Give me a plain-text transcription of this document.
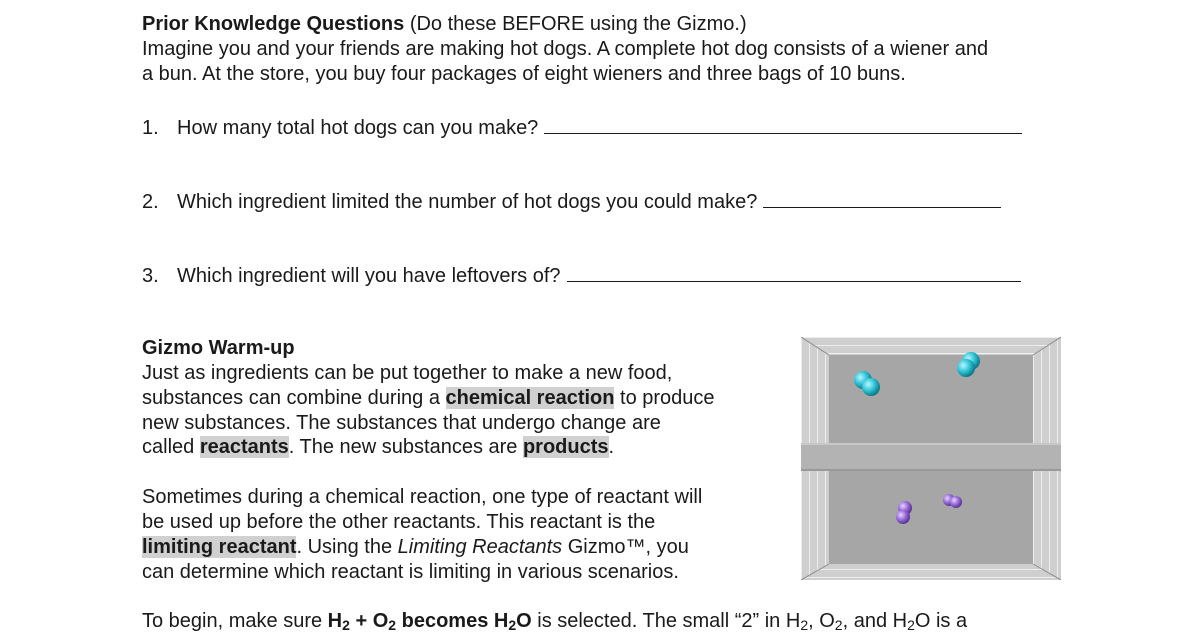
Prior Knowledge Questions (Do these BEFORE using the Gizmo.)
Imagine you and your friends are making hot dogs. A complete hot dog consists of a wiener and
a bun. At the store, you buy four packages of eight wieners and three bags of 10 buns.
1. How many total hot dogs can you make?
2. Which ingredient limited the number of hot dogs you could make?
3. Which ingredient will you have leftovers of?
Gizmo Warm-up
Just as ingredients can be put together to make a new food,
substances can combine during a chemical reaction to produce
new substances. The substances that undergo change are
called reactants. The new substances are products.
Sometimes during a chemical reaction, one type of reactant will
be used up before the other reactants. This reactant is the
limiting reactant. Using the Limiting Reactants Gizmo™, you
can determine which reactant is limiting in various scenarios.
To begin, make sure $H_2 + O_2$ becomes $H_2O$ is selected. The small “2” in $H_2$, $O_2$, and $H_2O$ is a
